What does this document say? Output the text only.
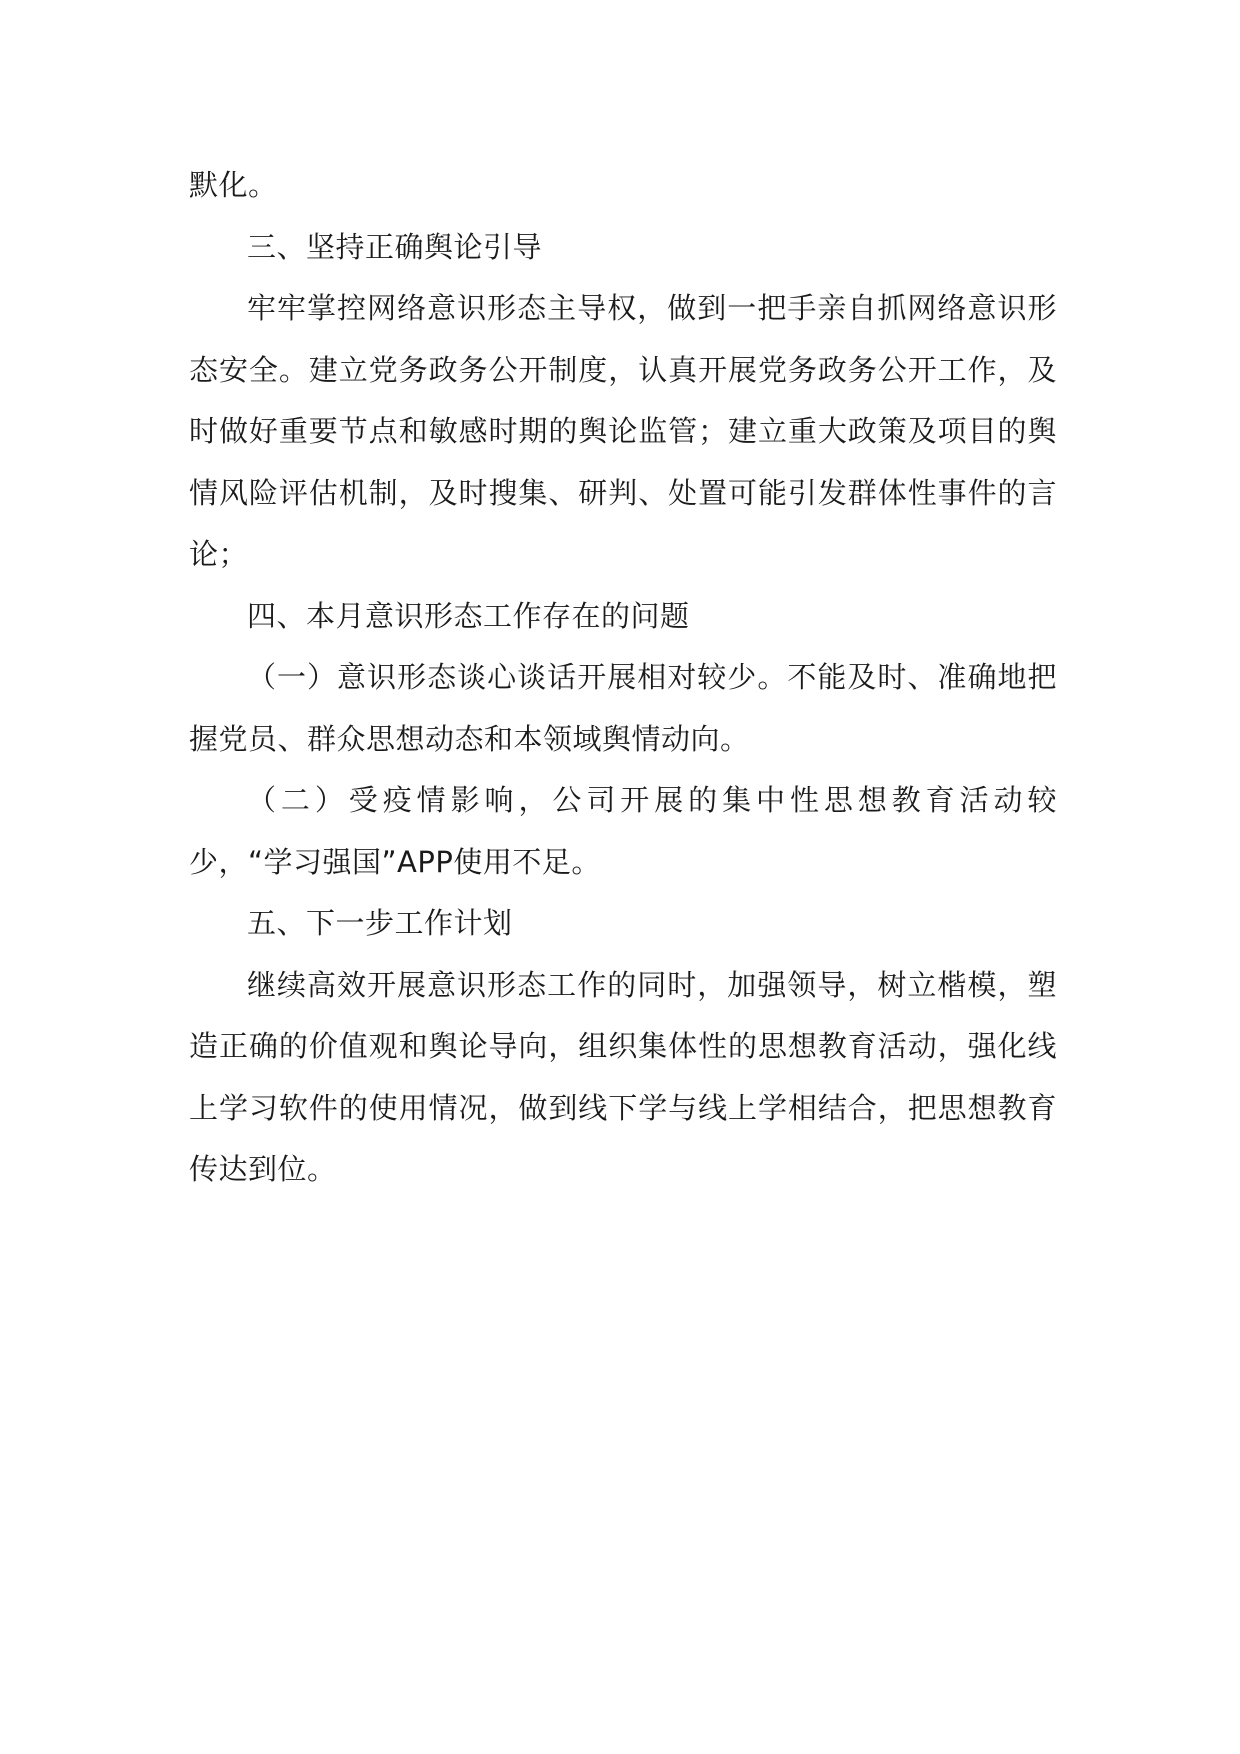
默化。

三、坚持正确舆论引导

牢牢掌控网络意识形态主导权，做到一把手亲自抓网络意识形态安全。建立党务政务公开制度，认真开展党务政务公开工作，及时做好重要节点和敏感时期的舆论监管；建立重大政策及项目的舆情风险评估机制，及时搜集、研判、处置可能引发群体性事件的言论；

四、本月意识形态工作存在的问题

（一）意识形态谈心谈话开展相对较少。不能及时、准确地把握党员、群众思想动态和本领域舆情动向。

（二）受疫情影响，公司开展的集中性思想教育活动较少，“学习强国”APP使用不足。

五、下一步工作计划

继续高效开展意识形态工作的同时，加强领导，树立楷模，塑造正确的价值观和舆论导向，组织集体性的思想教育活动，强化线上学习软件的使用情况，做到线下学与线上学相结合，把思想教育传达到位。
